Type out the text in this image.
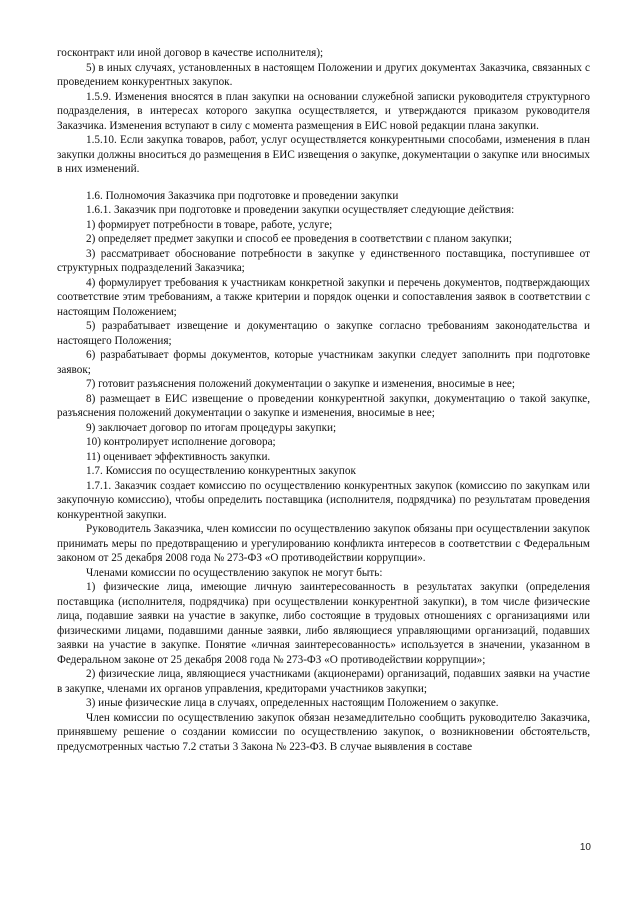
госконтракт или иной договор в качестве исполнителя);

5) в иных случаях, установленных в настоящем Положении и других документах Заказчика, связанных с проведением конкурентных закупок.

1.5.9. Изменения вносятся в план закупки на основании служебной записки руководителя структурного подразделения, в интересах которого закупка осуществляется, и утверждаются приказом руководителя Заказчика. Изменения вступают в силу с момента размещения в ЕИС новой редакции плана закупки.

1.5.10. Если закупка товаров, работ, услуг осуществляется конкурентными способами, изменения в план закупки должны вноситься до размещения в ЕИС извещения о закупке, документации о закупке или вносимых в них изменений.

1.6. Полномочия Заказчика при подготовке и проведении закупки

1.6.1. Заказчик при подготовке и проведении закупки осуществляет следующие действия:

1) формирует потребности в товаре, работе, услуге;

2) определяет предмет закупки и способ ее проведения в соответствии с планом закупки;

3) рассматривает обоснование потребности в закупке у единственного поставщика, поступившее от структурных подразделений Заказчика;

4) формулирует требования к участникам конкретной закупки и перечень документов, подтверждающих соответствие этим требованиям, а также критерии и порядок оценки и сопоставления заявок в соответствии с настоящим Положением;

5) разрабатывает извещение и документацию о закупке согласно требованиям законодательства и настоящего Положения;

6) разрабатывает формы документов, которые участникам закупки следует заполнить при подготовке заявок;

7) готовит разъяснения положений документации о закупке и изменения, вносимые в нее;

8) размещает в ЕИС извещение о проведении конкурентной закупки, документацию о такой закупке, разъяснения положений документации о закупке и изменения, вносимые в нее;

9) заключает договор по итогам процедуры закупки;

10) контролирует исполнение договора;

11) оценивает эффективность закупки.

1.7. Комиссия по осуществлению конкурентных закупок

1.7.1. Заказчик создает комиссию по осуществлению конкурентных закупок (комиссию по закупкам или закупочную комиссию), чтобы определить поставщика (исполнителя, подрядчика) по результатам проведения конкурентной закупки.

Руководитель Заказчика, член комиссии по осуществлению закупок обязаны при осуществлении закупок принимать меры по предотвращению и урегулированию конфликта интересов в соответствии с Федеральным законом от 25 декабря 2008 года № 273-ФЗ «О противодействии коррупции».

Членами комиссии по осуществлению закупок не могут быть:

1) физические лица, имеющие личную заинтересованность в результатах закупки (определения поставщика (исполнителя, подрядчика) при осуществлении конкурентной закупки), в том числе физические лица, подавшие заявки на участие в закупке, либо состоящие в трудовых отношениях с организациями или физическими лицами, подавшими данные заявки, либо являющиеся управляющими организаций, подавших заявки на участие в закупке. Понятие «личная заинтересованность» используется в значении, указанном в Федеральном законе от 25 декабря 2008 года № 273-ФЗ «О противодействии коррупции»;

2) физические лица, являющиеся участниками (акционерами) организаций, подавших заявки на участие в закупке, членами их органов управления, кредиторами участников закупки;

3) иные физические лица в случаях, определенных настоящим Положением о закупке.

Член комиссии по осуществлению закупок обязан незамедлительно сообщить руководителю Заказчика, принявшему решение о создании комиссии по осуществлению закупок, о возникновении обстоятельств, предусмотренных частью 7.2 статьи 3 Закона № 223-ФЗ. В случае выявления в составе

10
